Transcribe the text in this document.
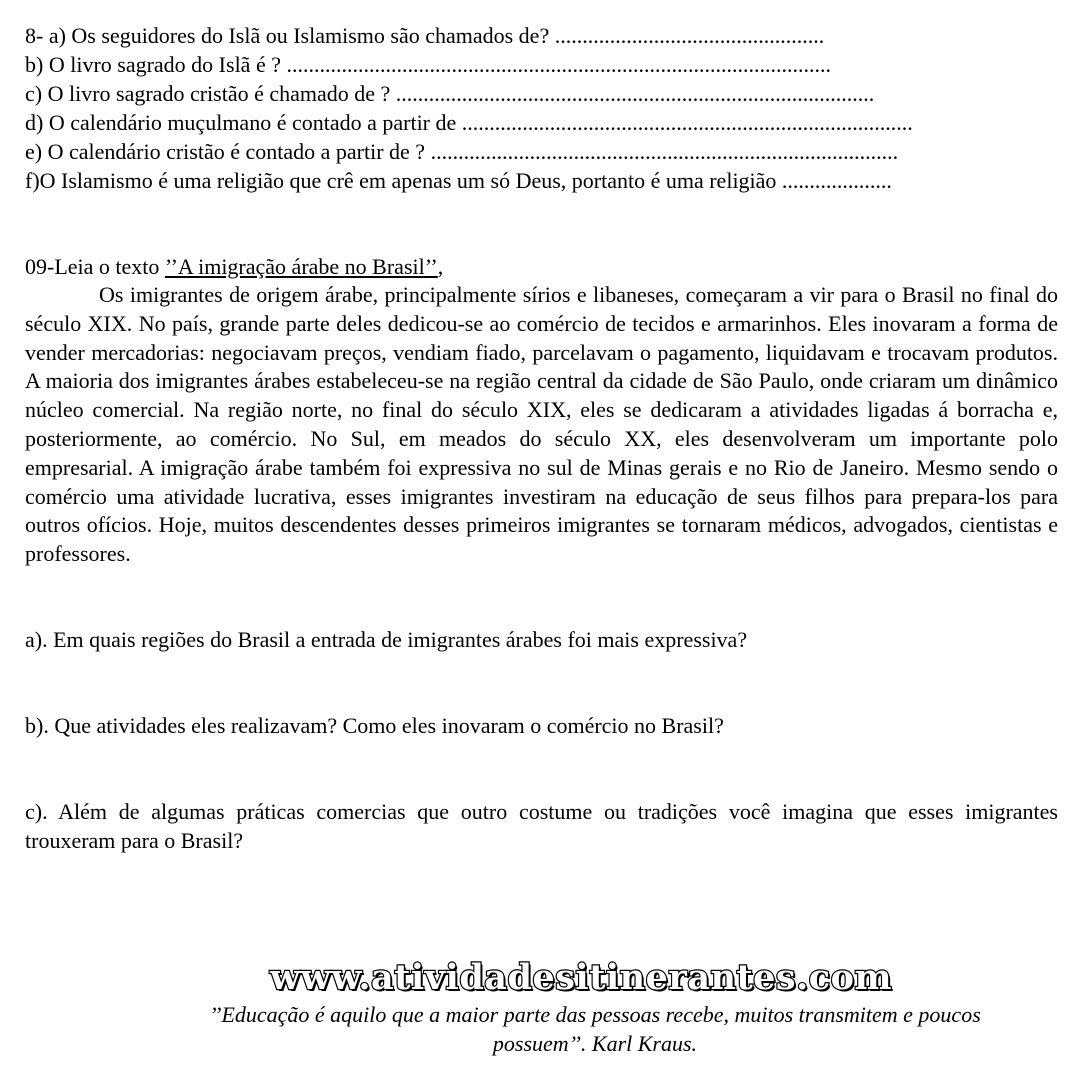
8- a) Os seguidores do Islã ou Islamismo são chamados de? .................................................
b) O livro sagrado do Islã é ? ...................................................................................................
c) O livro sagrado cristão é chamado de ? .......................................................................................
d) O calendário muçulmano é contado a partir de ..................................................................................
e) O calendário cristão é contado a partir de ? .....................................................................................
f)O Islamismo é uma religião que crê em apenas um só Deus, portanto é uma religião ....................
09-Leia o texto ’’A imigração árabe no Brasil’’,
Os imigrantes de origem árabe, principalmente sírios e libaneses, começaram a vir para o Brasil no final do século XIX. No país, grande parte deles dedicou-se ao comércio de tecidos e armarinhos. Eles inovaram a forma de vender mercadorias: negociavam preços, vendiam fiado, parcelavam o pagamento, liquidavam e trocavam produtos. A maioria dos imigrantes árabes estabeleceu-se na região central da cidade de São Paulo, onde criaram um dinâmico núcleo comercial. Na região norte, no final do século XIX, eles se dedicaram a atividades ligadas á borracha e, posteriormente, ao comércio. No Sul, em meados do século XX, eles desenvolveram um importante polo empresarial. A imigração árabe também foi expressiva no sul de Minas gerais e no Rio de Janeiro. Mesmo sendo o comércio uma atividade lucrativa, esses imigrantes investiram na educação de seus filhos para prepara-los para outros ofícios. Hoje, muitos descendentes desses primeiros imigrantes se tornaram médicos, advogados, cientistas e professores.
a). Em quais regiões do Brasil a entrada de imigrantes árabes foi mais expressiva?
b). Que atividades eles realizavam? Como eles inovaram o comércio no Brasil?
c). Além de algumas práticas comercias que outro costume ou tradições você imagina que esses imigrantes trouxeram para o Brasil?
www.atividadesitinerantes.com
’’Educação é aquilo que a maior parte das pessoas recebe, muitos transmitem e poucos possuem’’. Karl Kraus.
